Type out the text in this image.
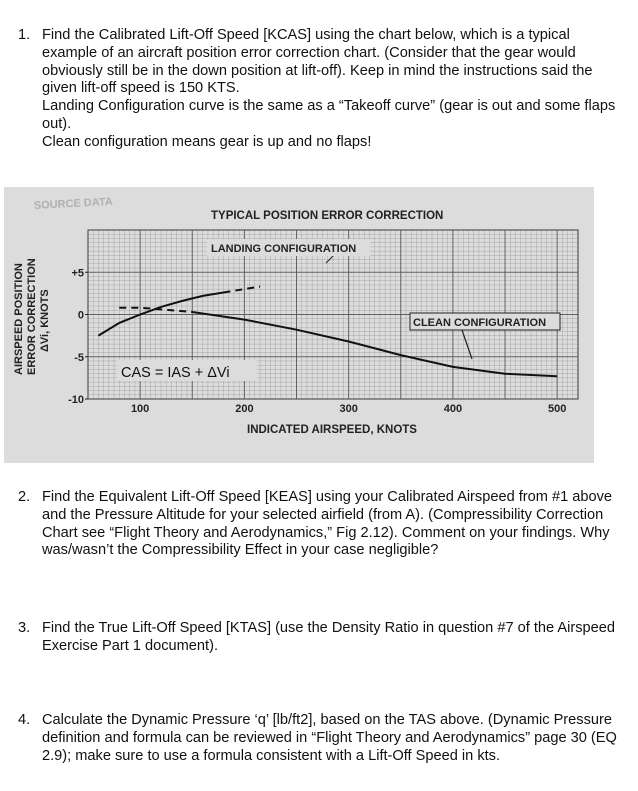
1. Find the Calibrated Lift-Off Speed [KCAS] using the chart below, which is a typical example of an aircraft position error correction chart. (Consider that the gear would obviously still be in the down position at lift-off). Keep in mind the instructions said the given lift-off speed is 150 KTS.

Landing Configuration curve is the same as a “Takeoff curve” (gear is out and some flaps out).

Clean configuration means gear is up and no flaps!

SOURCE DATA
TYPICAL POSITION ERROR CORRECTION
AIRSPEED POSITION ERROR CORRECTION ΔVi, KNOTS
+5
0
-5
-10
100	200	300	400	500
LANDING CONFIGURATION
CLEAN CONFIGURATION
CAS = IAS + ΔVi
INDICATED AIRSPEED, KNOTS
2. Find the Equivalent Lift-Off Speed [KEAS] using your Calibrated Airspeed from #1 above and the Pressure Altitude for your selected airfield (from A). (Compressibility Correction Chart see “Flight Theory and Aerodynamics,” Fig 2.12). Comment on your findings. Why was/wasn’t the Compressibility Effect in your case negligible?

3. Find the True Lift-Off Speed [KTAS] (use the Density Ratio in question #7 of the Airspeed Exercise Part 1 document).

4. Calculate the Dynamic Pressure ‘q’ [lb/ft2], based on the TAS above. (Dynamic Pressure definition and formula can be reviewed in “Flight Theory and Aerodynamics” page 30 (EQ 2.9); make sure to use a formula consistent with a Lift-Off Speed in kts.
